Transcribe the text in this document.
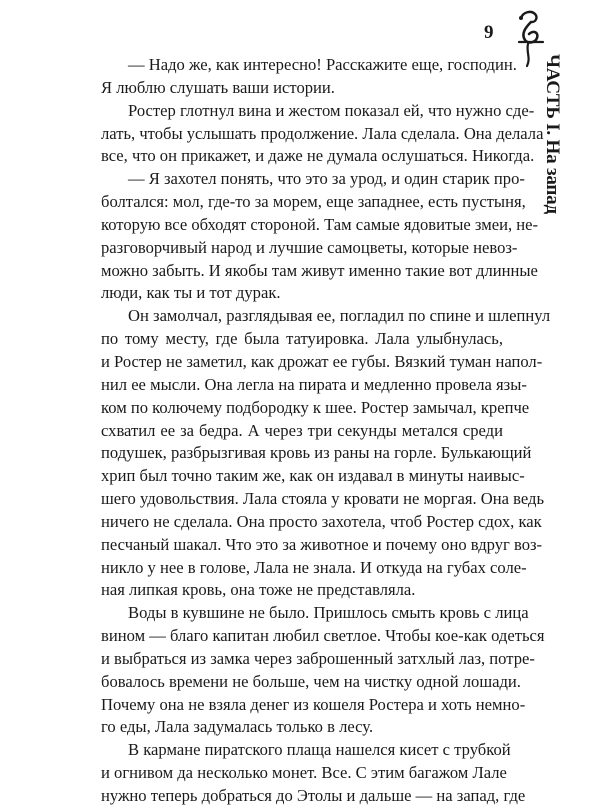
9
ЧАСТЬ I. На запад
— Надо же, как интересно! Расскажите еще, господин.
Я люблю слушать ваши истории.
Ростер глотнул вина и жестом показал ей, что нужно сде-
лать, чтобы услышать продолжение. Лала сделала. Она делала
все, что он прикажет, и даже не думала ослушаться. Никогда.
— Я захотел понять, что это за урод, и один старик про-
болтался: мол, где-то за морем, еще западнее, есть пустыня,
которую все обходят стороной. Там самые ядовитые змеи, не-
разговорчивый народ и лучшие самоцветы, которые невоз-
можно забыть. И якобы там живут именно такие вот длинные
люди, как ты и тот дурак.
Он замолчал, разглядывая ее, погладил по спине и шлепнул
по тому месту, где была татуировка. Лала улыбнулась,
и Ростер не заметил, как дрожат ее губы. Вязкий туман напол-
нил ее мысли. Она легла на пирата и медленно провела язы-
ком по колючему подбородку к шее. Ростер замычал, крепче
схватил ее за бедра. А через три секунды метался среди
подушек, разбрызгивая кровь из раны на горле. Булькающий
хрип был точно таким же, как он издавал в минуты наивыс-
шего удовольствия. Лала стояла у кровати не моргая. Она ведь
ничего не сделала. Она просто захотела, чтоб Ростер сдох, как
песчаный шакал. Что это за животное и почему оно вдруг воз-
никло у нее в голове, Лала не знала. И откуда на губах соле-
ная липкая кровь, она тоже не представляла.
Воды в кувшине не было. Пришлось смыть кровь с лица
вином — благо капитан любил светлое. Чтобы кое-как одеться
и выбраться из замка через заброшенный затхлый лаз, потре-
бовалось времени не больше, чем на чистку одной лошади.
Почему она не взяла денег из кошеля Ростера и хоть немно-
го еды, Лала задумалась только в лесу.
В кармане пиратского плаща нашелся кисет с трубкой
и огнивом да несколько монет. Все. С этим багажом Лале
нужно теперь добраться до Этолы и дальше — на запад, где
